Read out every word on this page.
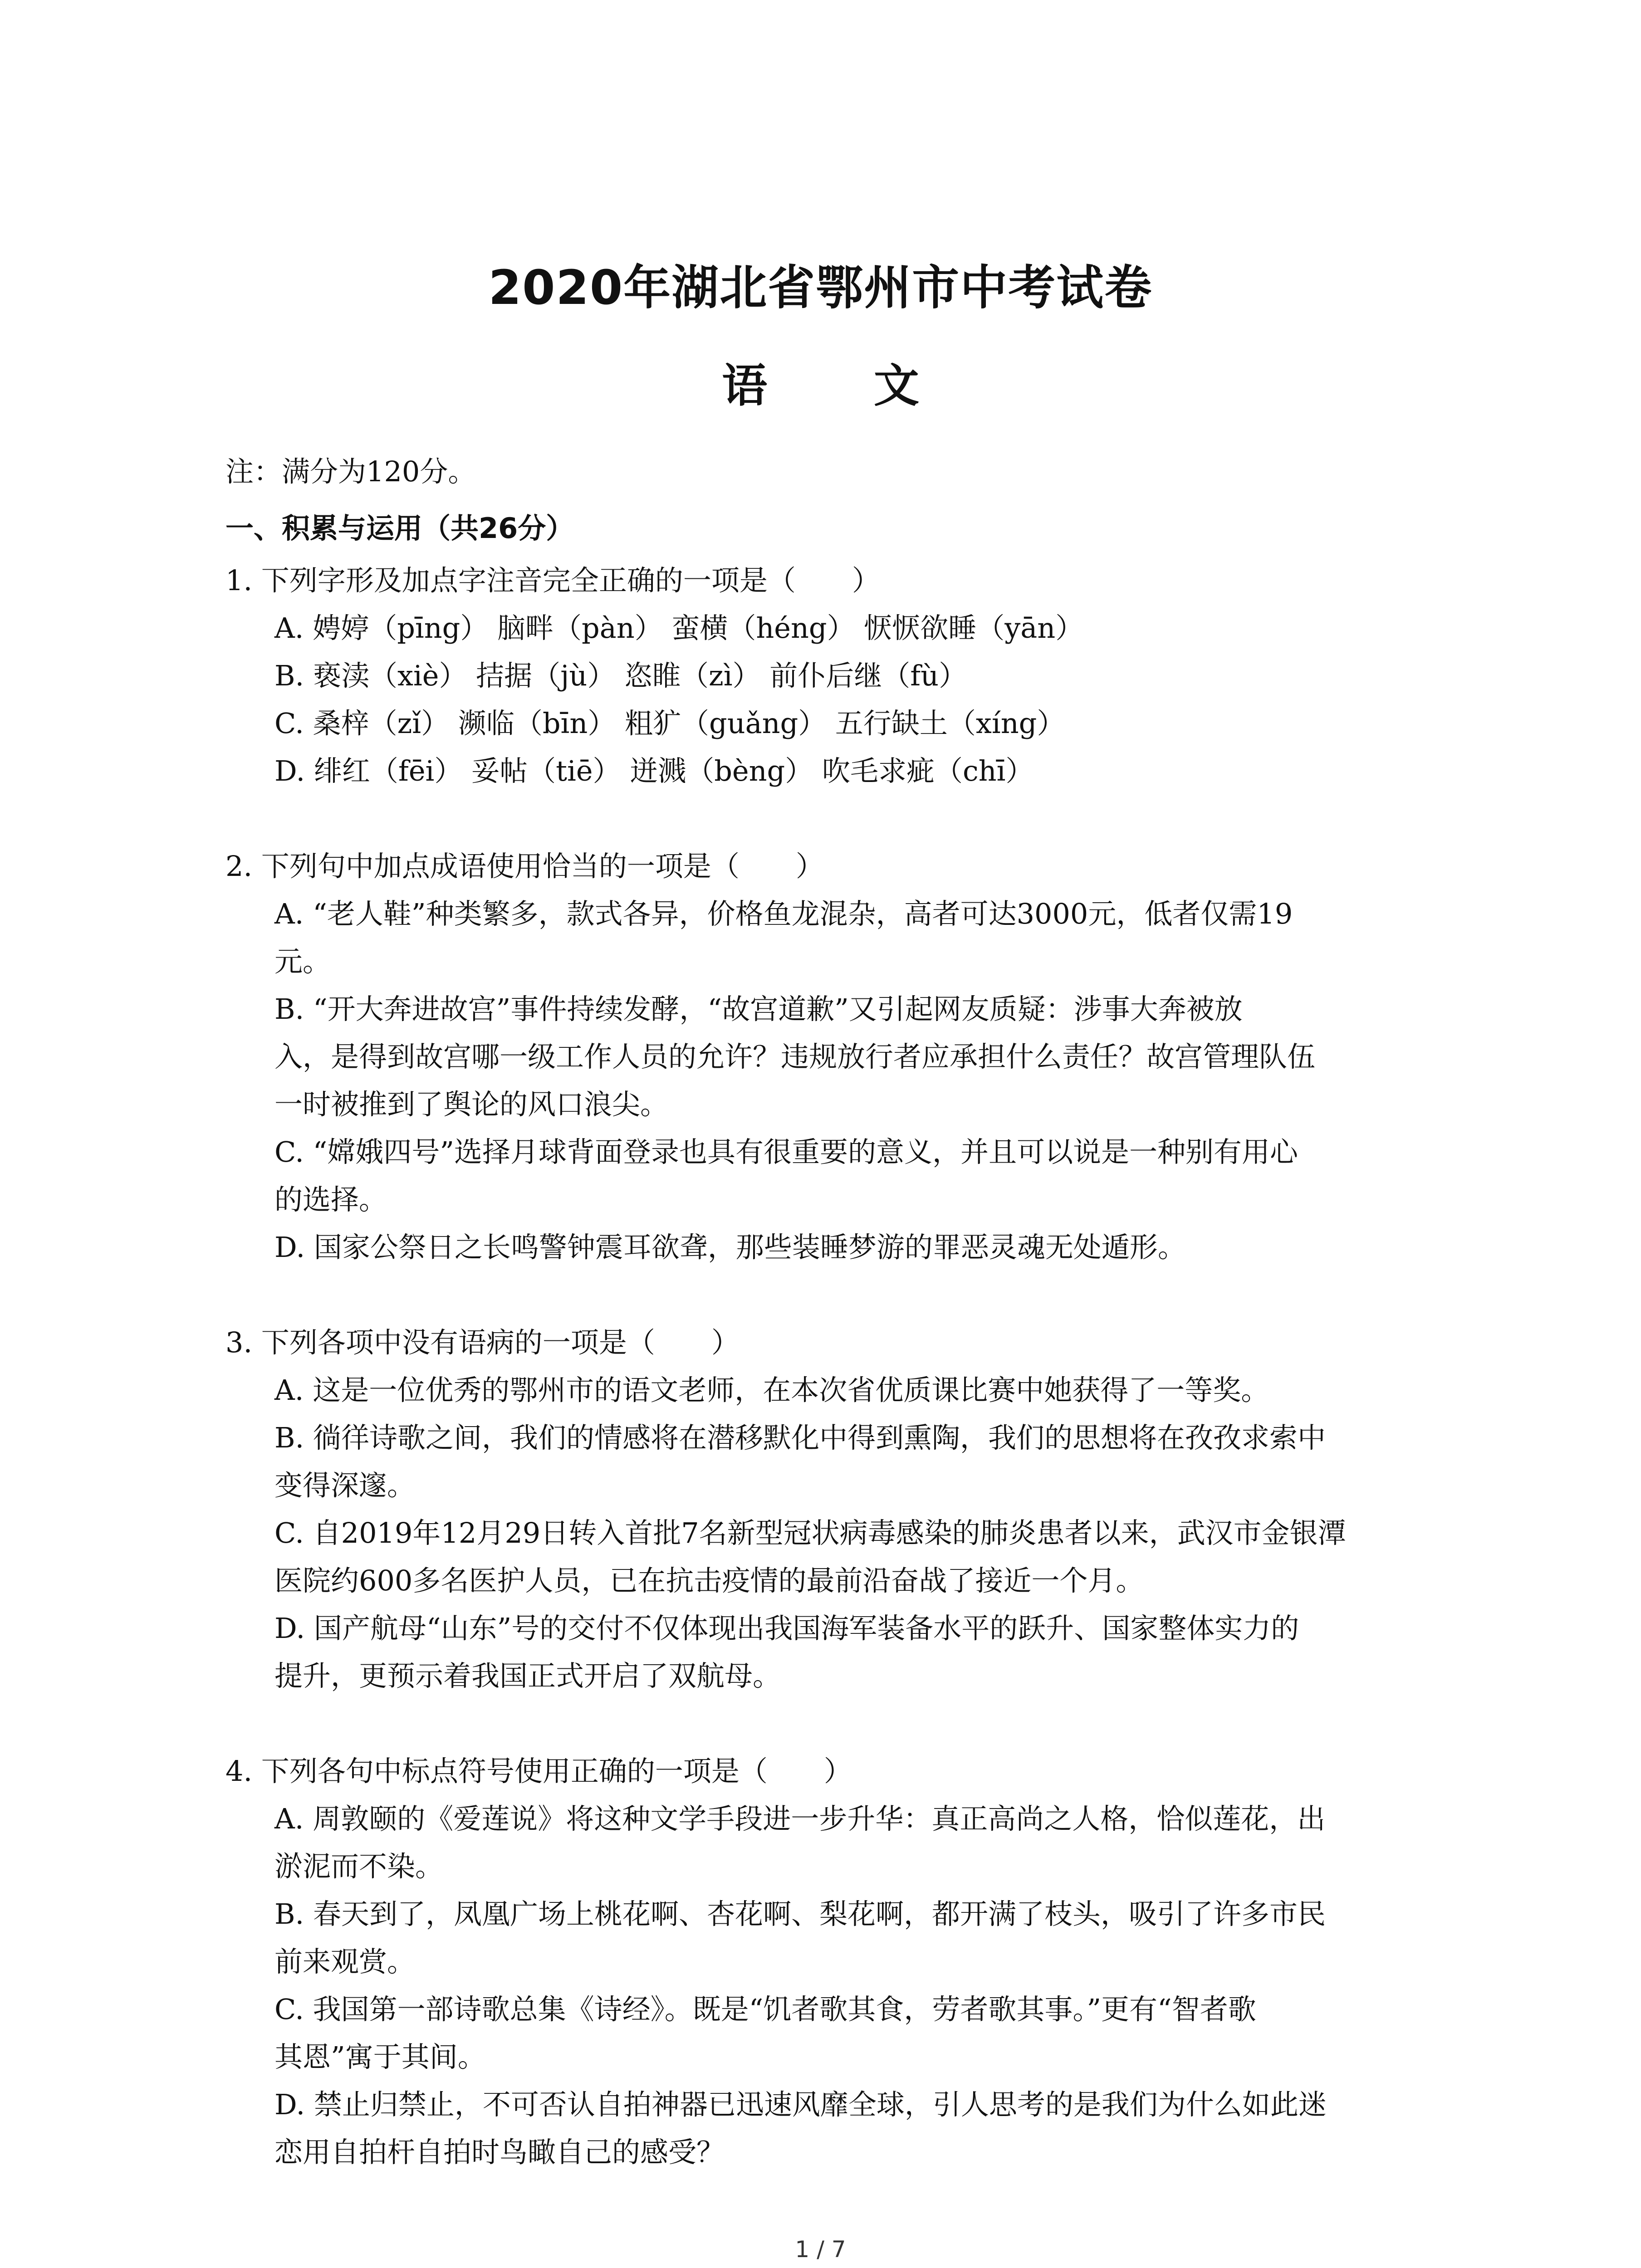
2020年湖北省鄂州市中考试卷
语 文
注：满分为120分。
一、积累与运用（共26分）
1. 下列字形及加点字注音完全正确的一项是（　　）
A. 娉婷（pīng） 脑畔（pàn） 蛮横（héng） 恹恹欲睡（yān）
B. 亵渎（xiè） 拮据（jù） 恣睢（zì） 前仆后继（fù）
C. 桑梓（zǐ） 濒临（bīn） 粗犷（guǎng） 五行缺土（xíng）
D. 绯红（fēi） 妥帖（tiē） 迸溅（bèng） 吹毛求疵（chī）
2. 下列句中加点成语使用恰当的一项是（　　）
A. “老人鞋”种类繁多，款式各异，价格鱼龙混杂，高者可达3000元，低者仅需19
元。
B. “开大奔进故宫”事件持续发酵，“故宫道歉”又引起网友质疑：涉事大奔被放
入，是得到故宫哪一级工作人员的允许？违规放行者应承担什么责任？故宫管理队伍
一时被推到了舆论的风口浪尖。
C. “嫦娥四号”选择月球背面登录也具有很重要的意义，并且可以说是一种别有用心
的选择。
D. 国家公祭日之长鸣警钟震耳欲聋，那些装睡梦游的罪恶灵魂无处遁形。
3. 下列各项中没有语病的一项是（　　）
A. 这是一位优秀的鄂州市的语文老师，在本次省优质课比赛中她获得了一等奖。
B. 徜徉诗歌之间，我们的情感将在潜移默化中得到熏陶，我们的思想将在孜孜求索中
变得深邃。
C. 自2019年12月29日转入首批7名新型冠状病毒感染的肺炎患者以来，武汉市金银潭
医院约600多名医护人员，已在抗击疫情的最前沿奋战了接近一个月。
D. 国产航母“山东”号的交付不仅体现出我国海军装备水平的跃升、国家整体实力的
提升，更预示着我国正式开启了双航母。
4. 下列各句中标点符号使用正确的一项是（　　）
A. 周敦颐的《爱莲说》将这种文学手段进一步升华：真正高尚之人格，恰似莲花，出
淤泥而不染。
B. 春天到了，凤凰广场上桃花啊、杏花啊、梨花啊，都开满了枝头，吸引了许多市民
前来观赏。
C. 我国第一部诗歌总集《诗经》。既是“饥者歌其食，劳者歌其事。”更有“智者歌
其恩”寓于其间。
D. 禁止归禁止，不可否认自拍神器已迅速风靡全球，引人思考的是我们为什么如此迷
恋用自拍杆自拍时鸟瞰自己的感受？
1 / 7
